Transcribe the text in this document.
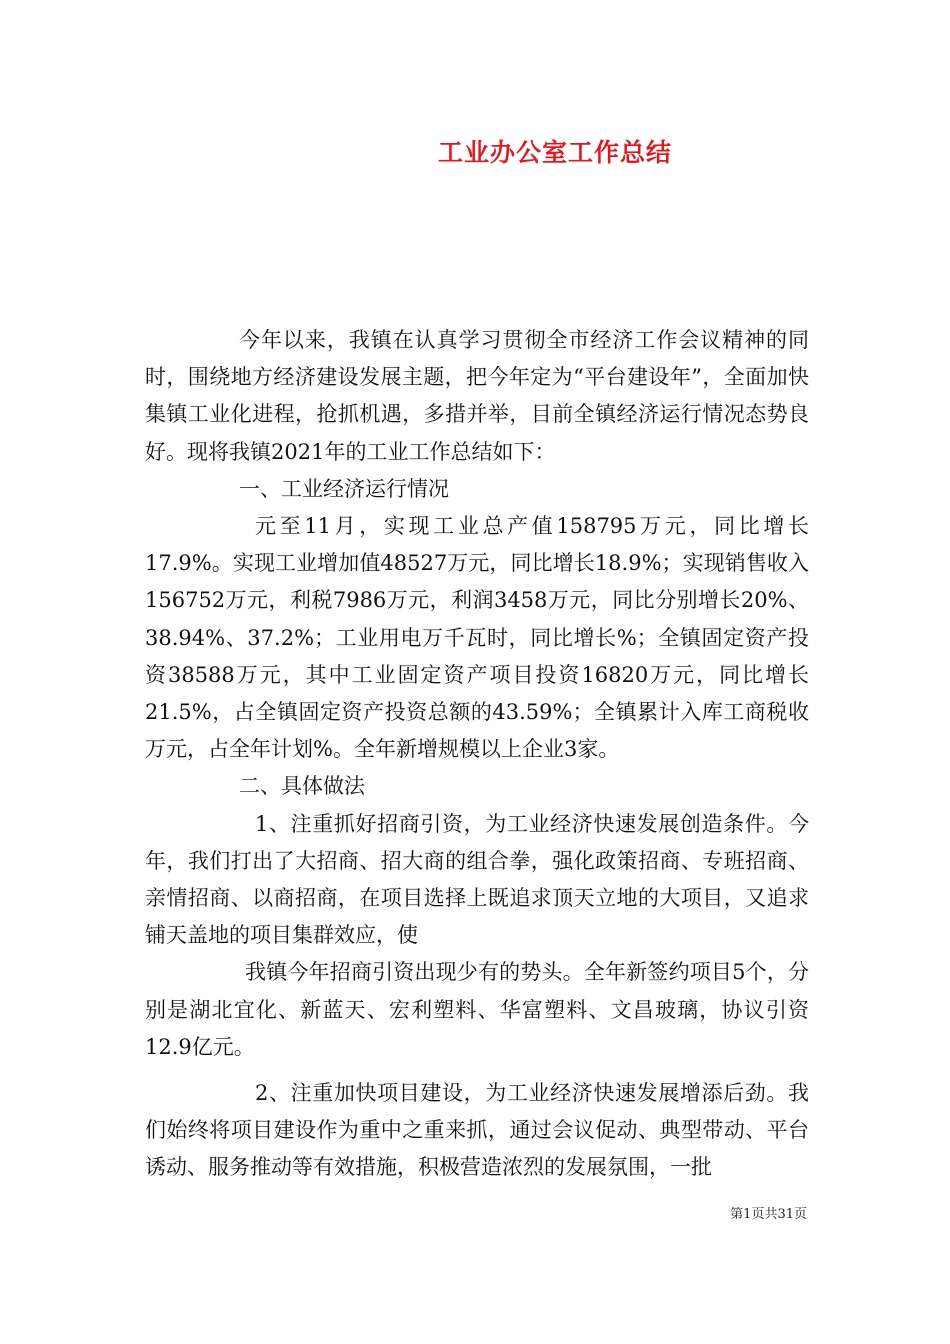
工业办公室工作总结

今年以来，我镇在认真学习贯彻全市经济工作会议精神的同时，围绕地方经济建设发展主题，把今年定为“平台建设年”，全面加快集镇工业化进程，抢抓机遇，多措并举，目前全镇经济运行情况态势良好。现将我镇2021年的工业工作总结如下：

一、工业经济运行情况

元至11月，实现工业总产值158795万元，同比增长17.9%。实现工业增加值48527万元，同比增长18.9%；实现销售收入156752万元，利税7986万元，利润3458万元，同比分别增长20%、38.94%、37.2%；工业用电万千瓦时，同比增长%；全镇固定资产投资38588万元，其中工业固定资产项目投资16820万元，同比增长21.5%，占全镇固定资产投资总额的43.59%；全镇累计入库工商税收万元，占全年计划%。全年新增规模以上企业3家。

二、具体做法

1、注重抓好招商引资，为工业经济快速发展创造条件。今年，我们打出了大招商、招大商的组合拳，强化政策招商、专班招商、亲情招商、以商招商，在项目选择上既追求顶天立地的大项目，又追求铺天盖地的项目集群效应，使

我镇今年招商引资出现少有的势头。全年新签约项目5个，分别是湖北宜化、新蓝天、宏利塑料、华富塑料、文昌玻璃，协议引资12.9亿元。

2、注重加快项目建设，为工业经济快速发展增添后劲。我们始终将项目建设作为重中之重来抓，通过会议促动、典型带动、平台诱动、服务推动等有效措施，积极营造浓烈的发展氛围，一批

第1页共31页
